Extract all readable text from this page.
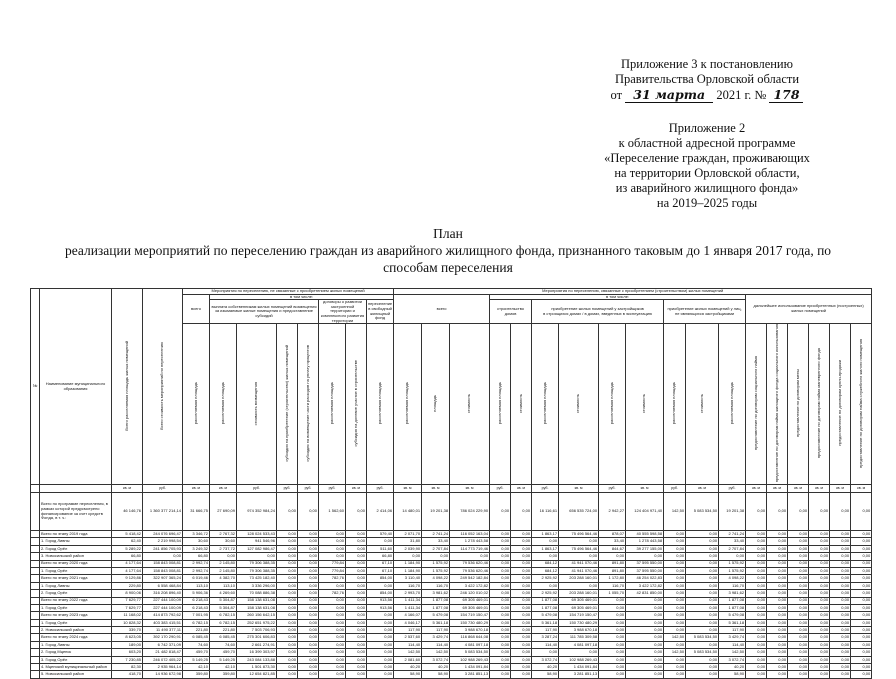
Приложение 3 к постановлению
Правительства Орловской области
от 31 марта 2021 г. № 178
Приложение 2
к областной адресной программе
«Переселение граждан, проживающих
на территории Орловской области,
из аварийного жилищного фонда»
на 2019–2025 годы
План
реализации мероприятий по переселению граждан из аварийного жилищного фонда, признанного таковым до 1 января 2017 года, по
способам переселения
№	Наименование муниципального образования	Всего расселяемая площадь жилых помещений	Всего стоимость мероприятий по переселению	Мероприятия по переселению, не связанные с приобретением жилых помещений								Мероприятия по переселению, связанные с приобретением (строительством) жилых помещений																	
				всего	в том числе:							всего			в том числе:									дальнейшее использование приобретенных (построенных) жилых помещений					
					выплата собственникам жилых помещений возмещения за изымаемые жилые помещения и предоставление субсидий				договоры о развитии застроенной территории и комплексного развития территории		переселение в свободный жилищный фонд				строительство домов		приобретение жилых помещений у застройщиков
в строящихся домах / в домах, введенных в эксплуатацию				приобретение жилых помещений у лиц, не являющихся застройщиками								
				расселяемая площадь	расселяемая площадь	стоимость возмещения	субсидия на приобретение (строительство) жилых помещений	субсидия на возмещение части расходов на уплату процентов	расселяемая площадь	субсидия на долевое участие в строительстве	расселяемая площадь	расселяемая площадь	площадь	стоимость	расселяемая площадь	стоимость	расселяемая площадь	стоимость	расселяемая площадь	стоимость	расселяемая площадь	стоимость	расселяемая площадь	предоставление по договорам социального найма	предоставление по договорам найма жилищного фонда социального использования	предоставление по договорам мены	предоставление по договорам найма маневренного фонда	предоставление по договорам купли-продажи	предоставление по договорам найма служебного жилого помещения
		кв. м	руб.	кв. м	кв. м	руб.	руб.	руб.	руб.	кв. м	руб.	кв. м	кв. м	кв. м	руб.	кв. м	руб.	кв. м	руб.	кв. м	руб.	кв. м	руб.	кв. м	кв. м	кв. м	кв. м	кв. м	кв. м
	Всего по программе переселения, в рамках которой предусмотрено финансирование за счет средств Фонда, в т. ч.:	46 146,76	1 360 377 214,14	31 666,75	27 690,09	974 352 984,24	0,00	0,00	1 562,60	0,00	2 414,06	14 480,01	19 201,38	786 024 229,90	0,00	0,00	16 116,61	656 535 724,00	2 942,27	124 404 971,40	142,50	5 083 534,50	19 201,38	0,00	0,00	0,00	0,00	0,00	0,00
	Всего по этапу 2019 года	5 418,42	244 076 696,47	3 346,72	2 767,32	128 024 533,43	0,00	0,00	0,00	0,00	579,40	2 071,70	2 741,24	116 052 163,04	0,00	0,00	1 863,17	75 496 564,46	878,07	40 555 598,58	0,00	0,00	2 741,24	0,00	0,00	0,00	0,00	0,00	0,00
	1. Город Ливны	62,40	2 219 998,54	30,60	30,60	941 546,96	0,00	0,00	0,00	0,00	0,00	31,80	33,40	1 278 443,58	0,00	0,00	0,00	0,00	33,40	1 278 443,58	0,00	0,00	33,40	0,00	0,00	0,00	0,00	0,00	0,00
	2. Город Орёл	5 289,22	241 856 705,93	3 249,32	2 737,72	127 082 986,47	0,00	0,00	0,00	0,00	511,60	2 039,90	2 707,84	114 773 719,46	0,00	0,00	1 863,17	75 496 564,46	844,67	39 277 155,00	0,00	0,00	2 707,84	0,00	0,00	0,00	0,00	0,00	0,00
	3. Новосильский район	66,80	0,00	66,80	0,00	0,00	0,00	0,00	0,00	0,00	66,80	0,00	0,00	0,00	0,00	0,00	0,00	0,00	0,00	0,00	0,00	0,00	0,00	0,00	0,00	0,00	0,00	0,00	0,00
	Всего по этапу 2020 года	4 177,64	158 843 008,81	2 992,74	2 145,80	79 306 388,35	0,00	0,00	779,84	0,00	67,10	1 184,90	1 575,92	79 536 620,46	0,00	0,00	684,12	41 941 070,46	891,80	37 595 550,00	0,00	0,00	1 575,92	0,00	0,00	0,00	0,00	0,00	0,00
	1. Город Орёл	4 177,64	158 843 008,81	2 992,74	2 145,80	79 306 388,35	0,00	0,00	779,84	0,00	67,10	1 184,90	1 575,92	79 536 620,46	0,00	0,00	684,12	41 941 070,46	891,80	37 595 550,00	0,00	0,00	1 575,92	0,00	0,00	0,00	0,00	0,00	0,00
	Всего по этапу 2021 года	9 129,86	322 907 365,24	6 019,46	4 382,70	73 425 182,40	0,00	0,00	782,76	0,00	854,00	3 110,40	4 098,22	249 542 182,84	0,00	0,00	2 925,92	203 288 160,01	1 172,80	46 254 022,83	0,00	0,00	4 098,22	0,00	0,00	0,00	0,00	0,00	0,00
	1. Город Ливны	229,80	6 558 468,84	113,10	113,10	3 336 296,00	0,00	0,00	0,00	0,00	0,00	116,70	116,70	3 422 172,82	0,00	0,00	0,00	0,00	116,70	3 422 172,82	0,00	0,00	116,70	0,00	0,00	0,00	0,00	0,00	0,00
	2. Город Орёл	8 900,06	316 208 896,40	5 906,36	4 269,60	70 088 886,38	0,00	0,00	782,76	0,00	854,00	2 993,70	3 981,62	246 120 010,02	0,00	0,00	2 925,92	203 288 160,01	1 055,70	42 831 850,00	0,00	0,00	3 981,62	0,00	0,00	0,00	0,00	0,00	0,00
	Всего по этапу 2022 года	7 629,77	227 444 100,09	6 218,43	5 304,87	158 138 631,08	0,00	0,00	0,00	0,00	913,56	1 411,34	1 877,08	69 305 469,01	0,00	0,00	1 877,08	69 305 469,01	0,00	0,00	0,00	0,00	1 877,08	0,00	0,00	0,00	0,00	0,00	0,00
	1. Город Орёл	7 629,77	227 444 100,09	6 218,43	5 304,87	158 138 631,08	0,00	0,00	0,00	0,00	913,56	1 411,34	1 877,08	69 305 469,01	0,00	0,00	1 877,08	69 305 469,01	0,00	0,00	0,00	0,00	1 877,08	0,00	0,00	0,00	0,00	0,00	0,00
	Всего по этапу 2023 года	11 168,02	414 873 792,62	7 001,95	6 782,15	260 156 642,15	0,00	0,00	0,00	0,00	0,00	4 166,07	5 479,08	154 719 150,47	0,00	0,00	5 479,08	154 719 150,47	0,00	0,00	0,00	0,00	5 479,08	0,00	0,00	0,00	0,00	0,00	0,00
	1. Город Орёл	10 828,32	403 383 415,51	6 782,15	6 782,15	252 651 975,22	0,00	0,00	0,00	0,00	0,00	4 046,17	5 361,18	150 730 480,29	0,00	0,00	5 361,18	150 730 480,29	0,00	0,00	0,00	0,00	5 361,18	0,00	0,00	0,00	0,00	0,00	0,00
	2. Новосильский район	339,70	11 490 377,11	221,80	221,80	7 503 706,93	0,00	0,00	0,00	0,00	0,00	117,90	117,90	3 988 670,18	0,00	0,00	117,90	3 988 670,18	0,00	0,00	0,00	0,00	117,90	0,00	0,00	0,00	0,00	0,00	0,00
	Всего по этапу 2024 года	8 623,05	392 170 290,91	6 085,45	6 085,45	275 301 606,83	0,00	0,00	0,00	0,00	0,00	2 537,60	3 429,74	116 868 644,08	0,00	0,00	3 287,24	111 785 309,58	0,00	0,00	142,50	5 083 534,50	3 429,74	0,00	0,00	0,00	0,00	0,00	0,00
	1. Город Ливны	189,00	6 742 371,09	74,60	74,60	2 661 274,91	0,00	0,00	0,00	0,00	0,00	114,40	114,40	4 081 097,18	0,00	0,00	114,40	4 081 097,18	0,00	0,00	0,00	0,00	114,40	0,00	0,00	0,00	0,00	0,00	0,00
	2. Город Мценск	603,20	21 482 818,47	459,70	459,70	16 399 303,97	0,00	0,00	0,00	0,00	0,00	142,50	142,50	5 083 534,50	0,00	0,00	0,00	0,00	0,00	0,00	142,50	5 083 534,50	142,50	0,00	0,00	0,00	0,00	0,00	0,00
	3. Город Орёл	7 230,85	246 072 405,22	5 149,25	5 149,25	243 084 133,88	0,00	0,00	0,00	0,00	0,00	2 081,60	3 072,74	102 988 269,43	0,00	0,00	3 072,74	102 988 269,43	0,00	0,00	0,00	0,00	3 072,74	0,00	0,00	0,00	0,00	0,00	0,00
	4. Мценский муниципальный район	82,30	2 935 964,14	42,10	42,10	1 501 873,30	0,00	0,00	0,00	0,00	0,00	40,20	40,20	1 434 091,84	0,00	0,00	40,20	1 434 091,84	0,00	0,00	0,00	0,00	40,20	0,00	0,00	0,00	0,00	0,00	0,00
	5. Новосильский район	418,70	14 936 672,98	359,80	359,80	12 654 821,85	0,00	0,00	0,00	0,00	0,00	58,90	58,90	3 281 851,13	0,00	0,00	58,90	3 281 851,13	0,00	0,00	0,00	0,00	58,90	0,00	0,00	0,00	0,00	0,00	0,00
